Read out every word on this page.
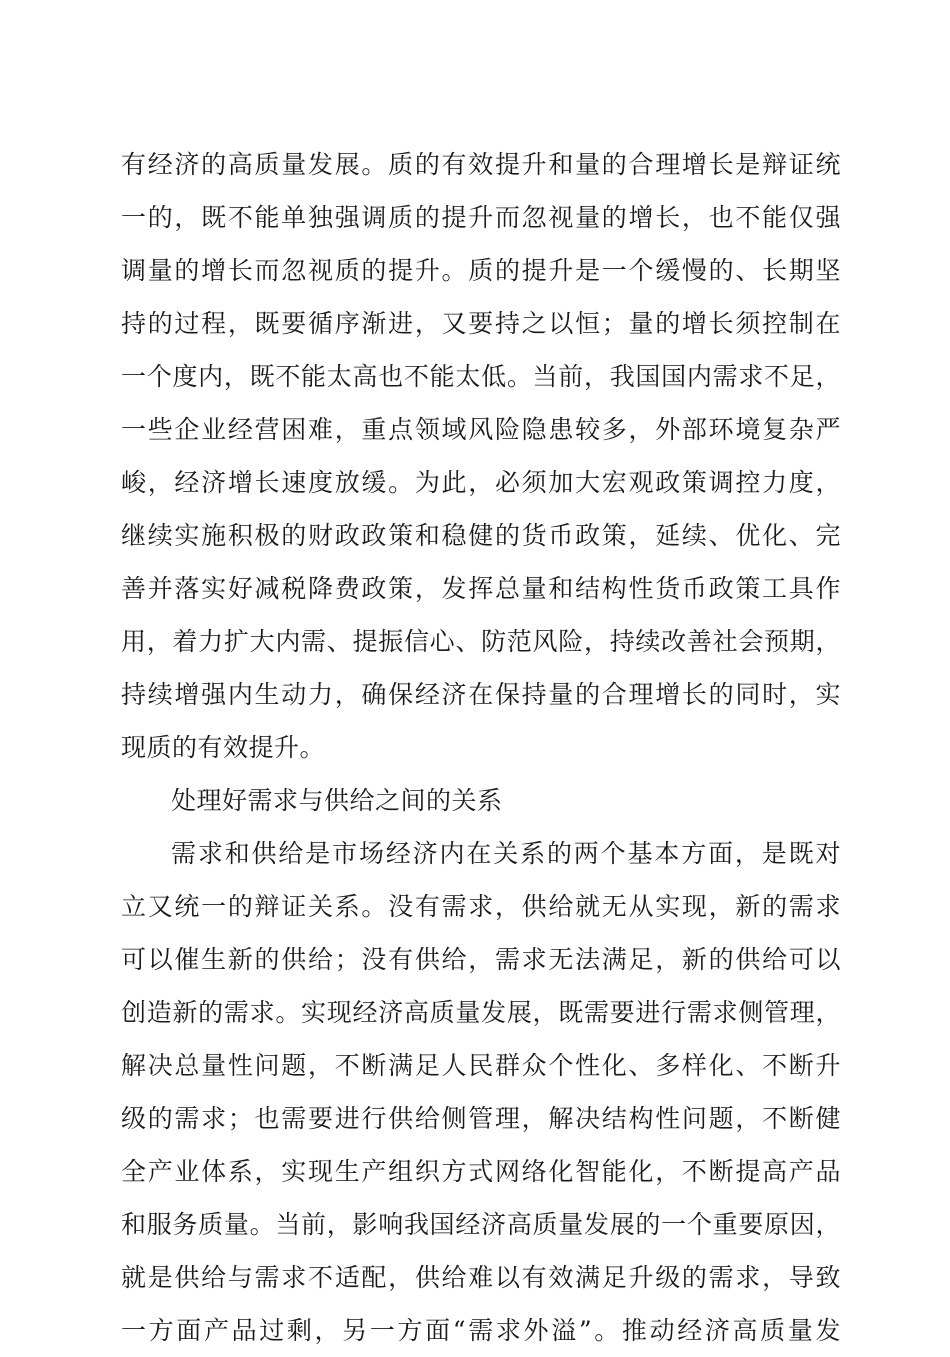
有经济的高质量发展。质的有效提升和量的合理增长是辩证统
一的，既不能单独强调质的提升而忽视量的增长，也不能仅强
调量的增长而忽视质的提升。质的提升是一个缓慢的、长期坚
持的过程，既要循序渐进，又要持之以恒；量的增长须控制在
一个度内，既不能太高也不能太低。当前，我国国内需求不足，
一些企业经营困难，重点领域风险隐患较多，外部环境复杂严
峻，经济增长速度放缓。为此，必须加大宏观政策调控力度，
继续实施积极的财政政策和稳健的货币政策，延续、优化、完
善并落实好减税降费政策，发挥总量和结构性货币政策工具作
用，着力扩大内需、提振信心、防范风险，持续改善社会预期，
持续增强内生动力，确保经济在保持量的合理增长的同时，实
现质的有效提升。
处理好需求与供给之间的关系
需求和供给是市场经济内在关系的两个基本方面，是既对
立又统一的辩证关系。没有需求，供给就无从实现，新的需求
可以催生新的供给；没有供给，需求无法满足，新的供给可以
创造新的需求。实现经济高质量发展，既需要进行需求侧管理，
解决总量性问题，不断满足人民群众个性化、多样化、不断升
级的需求；也需要进行供给侧管理，解决结构性问题，不断健
全产业体系，实现生产组织方式网络化智能化，不断提高产品
和服务质量。当前，影响我国经济高质量发展的一个重要原因，
就是供给与需求不适配，供给难以有效满足升级的需求，导致
一方面产品过剩，另一方面“需求外溢”。推动经济高质量发
